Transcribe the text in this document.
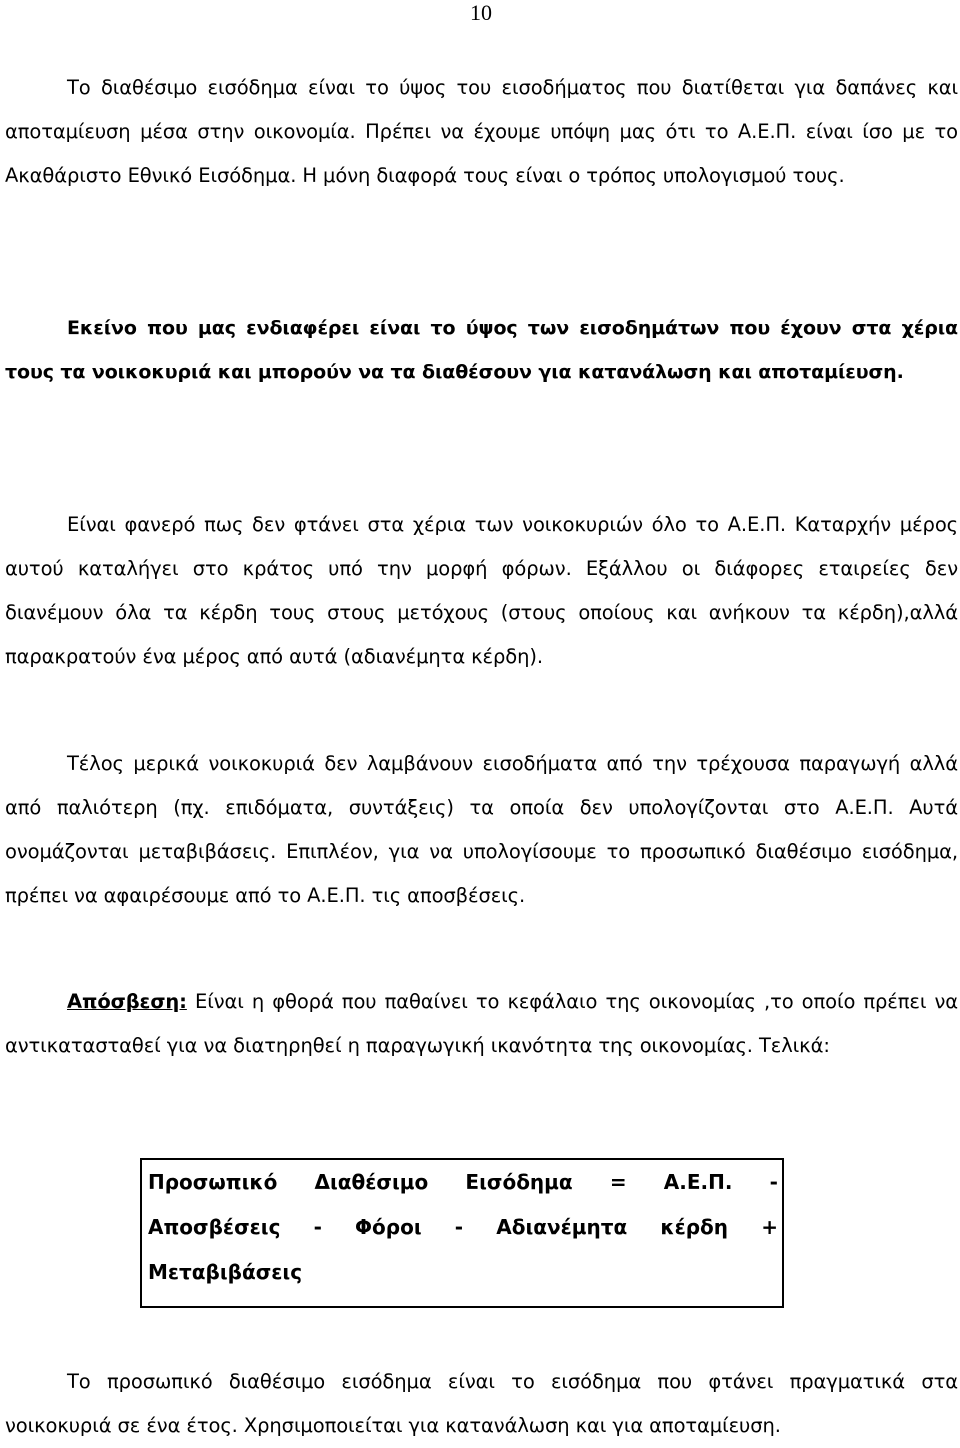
10

Το διαθέσιμο εισόδημα είναι το ύψος του εισοδήματος που διατίθεται για δαπάνες και αποταμίευση μέσα στην οικονομία. Πρέπει να έχουμε υπόψη μας ότι το Α.Ε.Π. είναι ίσο με το Ακαθάριστο Εθνικό Εισόδημα. Η μόνη διαφορά τους είναι ο τρόπος υπολογισμού τους.

Εκείνο που μας ενδιαφέρει είναι το ύψος των εισοδημάτων που έχουν στα χέρια τους τα νοικοκυριά και μπορούν να τα διαθέσουν για κατανάλωση και αποταμίευση.

Είναι φανερό πως δεν φτάνει στα χέρια των νοικοκυριών όλο το Α.Ε.Π. Καταρχήν μέρος αυτού καταλήγει στο κράτος υπό την μορφή φόρων. Εξάλλου οι διάφορες εταιρείες δεν διανέμουν όλα τα κέρδη τους στους μετόχους (στους οποίους και ανήκουν τα κέρδη),αλλά παρακρατούν ένα μέρος από αυτά (αδιανέμητα κέρδη).

Τέλος μερικά νοικοκυριά δεν λαμβάνουν εισοδήματα από την τρέχουσα παραγωγή αλλά από παλιότερη (πχ. επιδόματα, συντάξεις) τα οποία δεν υπολογίζονται στο Α.Ε.Π. Αυτά ονομάζονται μεταβιβάσεις. Επιπλέον, για να υπολογίσουμε το προσωπικό διαθέσιμο εισόδημα, πρέπει να αφαιρέσουμε από το Α.Ε.Π. τις αποσβέσεις.

Απόσβεση: Είναι η φθορά που παθαίνει το κεφάλαιο της οικονομίας ,το οποίο πρέπει να αντικατασταθεί για να διατηρηθεί η παραγωγική ικανότητα της οικονομίας. Τελικά:

Προσωπικό Διαθέσιμο Εισόδημα = Α.Ε.Π. -
Αποσβέσεις - Φόροι - Αδιανέμητα κέρδη +
Μεταβιβάσεις

Το προσωπικό διαθέσιμο εισόδημα είναι το εισόδημα που φτάνει πραγματικά στα νοικοκυριά σε ένα έτος. Χρησιμοποιείται για κατανάλωση και για αποταμίευση.
